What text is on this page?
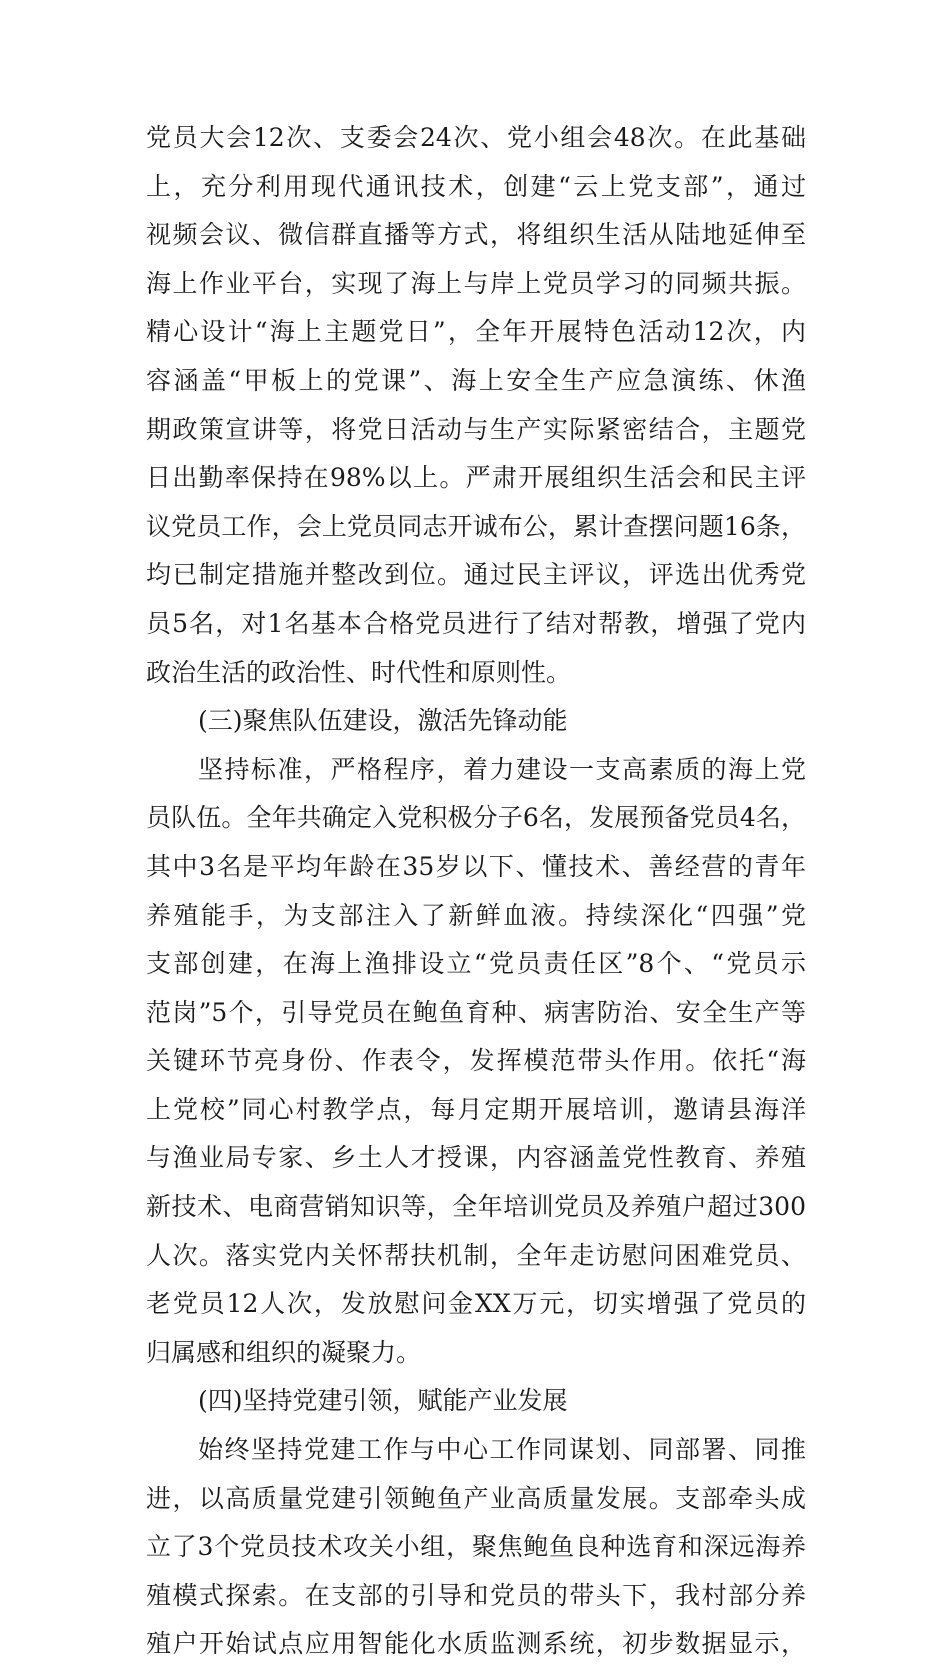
党员大会12次、支委会24次、党小组会48次。在此基础
上，充分利用现代通讯技术，创建“云上党支部”，通过
视频会议、微信群直播等方式，将组织生活从陆地延伸至
海上作业平台，实现了海上与岸上党员学习的同频共振。
精心设计“海上主题党日”，全年开展特色活动12次，内
容涵盖“甲板上的党课”、海上安全生产应急演练、休渔
期政策宣讲等，将党日活动与生产实际紧密结合，主题党
日出勤率保持在98%以上。严肃开展组织生活会和民主评
议党员工作，会上党员同志开诚布公，累计查摆问题16条，
均已制定措施并整改到位。通过民主评议，评选出优秀党
员5名，对1名基本合格党员进行了结对帮教，增强了党内
政治生活的政治性、时代性和原则性。
(三)聚焦队伍建设，激活先锋动能
坚持标准，严格程序，着力建设一支高素质的海上党
员队伍。全年共确定入党积极分子6名，发展预备党员4名，
其中3名是平均年龄在35岁以下、懂技术、善经营的青年
养殖能手，为支部注入了新鲜血液。持续深化“四强”党
支部创建，在海上渔排设立“党员责任区”8个、“党员示
范岗”5个，引导党员在鲍鱼育种、病害防治、安全生产等
关键环节亮身份、作表令，发挥模范带头作用。依托“海
上党校”同心村教学点，每月定期开展培训，邀请县海洋
与渔业局专家、乡土人才授课，内容涵盖党性教育、养殖
新技术、电商营销知识等，全年培训党员及养殖户超过300
人次。落实党内关怀帮扶机制，全年走访慰问困难党员、
老党员12人次，发放慰问金XX万元，切实增强了党员的
归属感和组织的凝聚力。
(四)坚持党建引领，赋能产业发展
始终坚持党建工作与中心工作同谋划、同部署、同推
进，以高质量党建引领鲍鱼产业高质量发展。支部牵头成
立了3个党员技术攻关小组，聚焦鲍鱼良种选育和深远海养
殖模式探索。在支部的引导和党员的带头下，我村部分养
殖户开始试点应用智能化水质监测系统，初步数据显示，
